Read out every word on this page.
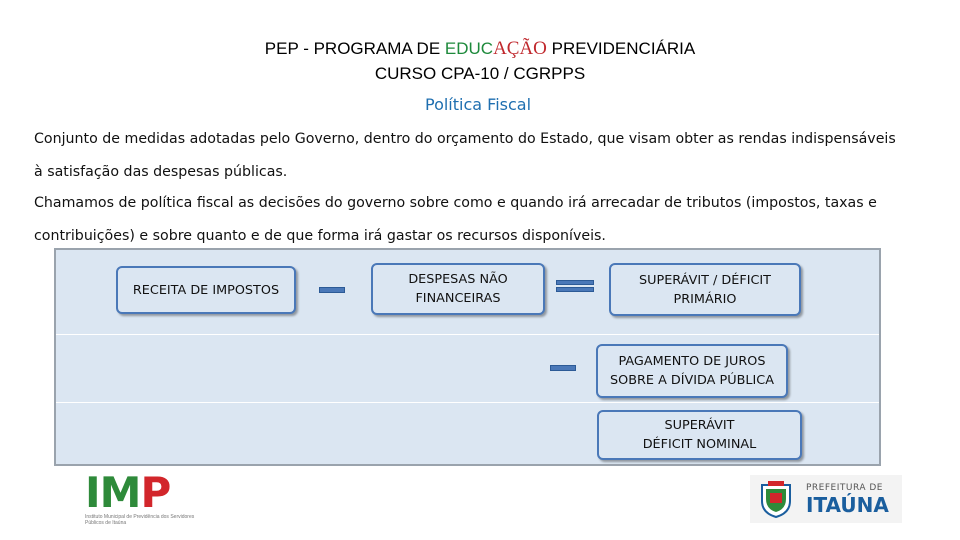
PEP - PROGRAMA DE EDUCAÇÃO PREVIDENCIÁRIA
CURSO CPA-10 / CGRPPS
Política Fiscal
Conjunto de medidas adotadas pelo Governo, dentro do orçamento do Estado, que visam obter as rendas indispensáveis
à satisfação das despesas públicas.
Chamamos de política fiscal as decisões do governo sobre como e quando irá arrecadar de tributos (impostos, taxas e
contribuições) e sobre quanto e de que forma irá gastar os recursos disponíveis.
RECEITA DE IMPOSTOS
DESPESAS NÃO
FINANCEIRAS
SUPERÁVIT / DÉFICIT
PRIMÁRIO
PAGAMENTO DE JUROS
SOBRE A DÍVIDA PÚBLICA
SUPERÁVIT
DÉFICIT NOMINAL
IMP
Instituto Municipal de Previdência dos Servidores Públicos de Itaúna
PREFEITURA DE
ITAÚNA
